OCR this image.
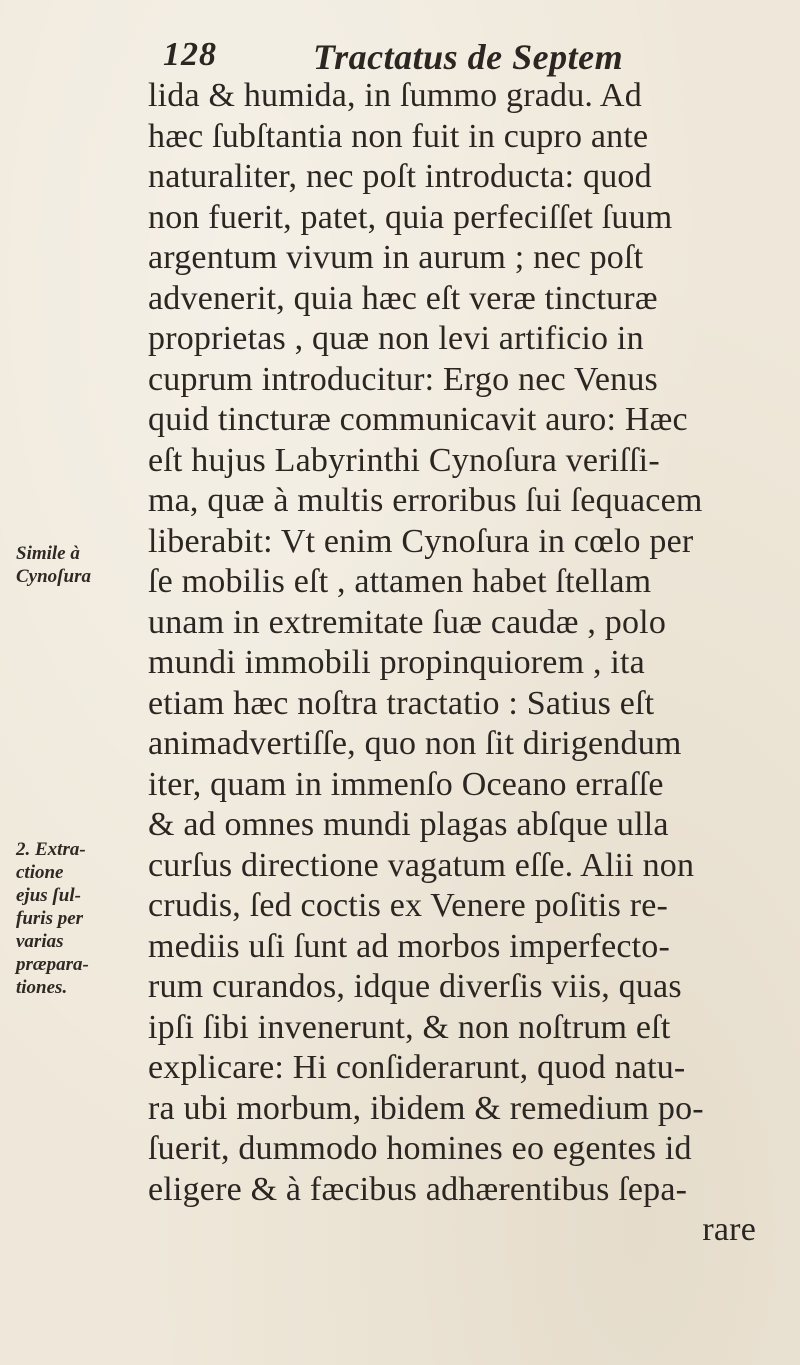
128	Tractatus de Septem
lida & humida, in ſummo gradu. Ad
hæc ſubſtantia non fuit in cupro ante
naturaliter, nec poſt introducta: quod
non fuerit, patet, quia perfeciſſet ſuum
argentum vivum in aurum ; nec poſt
advenerit, quia hæc eſt veræ tincturæ
proprietas , quæ non levi artificio in
cuprum introducitur: Ergo nec Venus
quid tincturæ communicavit auro: Hæc
eſt hujus Labyrinthi Cynoſura veriſſi-
ma, quæ à multis erroribus ſui ſequacem
liberabit: Vt enim Cynoſura in cœlo per
ſe mobilis eſt , attamen habet ſtellam
unam in extremitate ſuæ caudæ , polo
mundi immobili propinquiorem , ita
etiam hæc noſtra tractatio : Satius eſt
animadvertiſſe, quo non ſit dirigendum
iter, quam in immenſo Oceano erraſſe
& ad omnes mundi plagas abſque ulla
curſus directione vagatum eſſe. Alii non
crudis, ſed coctis ex Venere poſitis re-
mediis uſi ſunt ad morbos imperfecto-
rum curandos, idque diverſis viis, quas
ipſi ſibi invenerunt, & non noſtrum eſt
explicare: Hi conſiderarunt, quod natu-
ra ubi morbum, ibidem & remedium po-
ſuerit, dummodo homines eo egentes id
eligere & à fæcibus adhærentibus ſepa-
rare
Simile à
Cynoſura
2. Extra-
ctione
ejus ſul-
furis per
varias
præpara-
tiones.
